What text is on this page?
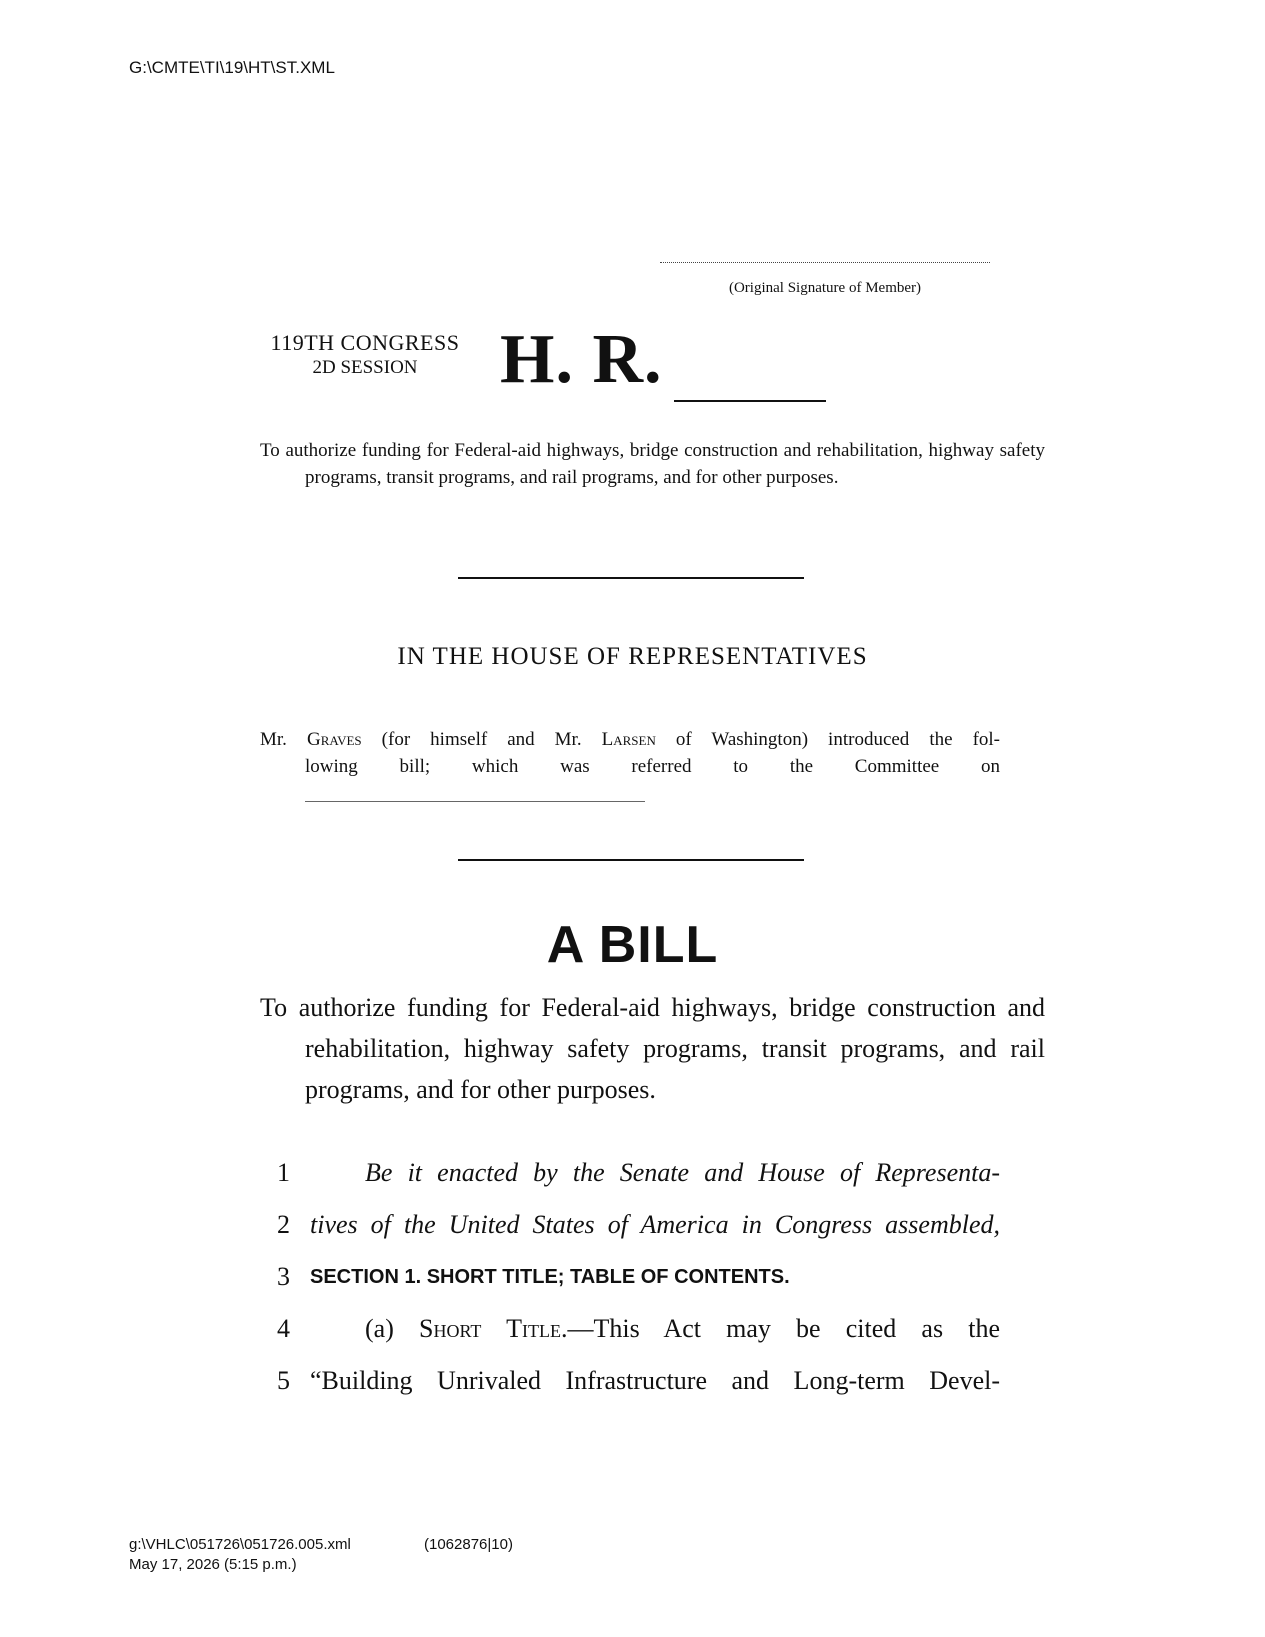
G:\CMTE\TI\19\HT\ST.XML
(Original Signature of Member)
119TH CONGRESS
2D SESSION	H. R.
To authorize funding for Federal-aid highways, bridge construction and rehabilitation, highway safety programs, transit programs, and rail programs, and for other purposes.
IN THE HOUSE OF REPRESENTATIVES
Mr. Graves (for himself and Mr. Larsen of Washington) introduced the fol-
lowing bill; which was referred to the Committee on
A BILL
To authorize funding for Federal-aid highways, bridge construction and rehabilitation, highway safety programs, transit programs, and rail programs, and for other purposes.
1	Be it enacted by the Senate and House of Representa-
2 tives of the United States of America in Congress assembled,
3 SECTION 1. SHORT TITLE; TABLE OF CONTENTS.
4	(a) Short Title.—This Act may be cited as the
5 “Building Unrivaled Infrastructure and Long-term Devel-
g:\VHLC\051726\051726.005.xml	(1062876|10)
May 17, 2026 (5:15 p.m.)
